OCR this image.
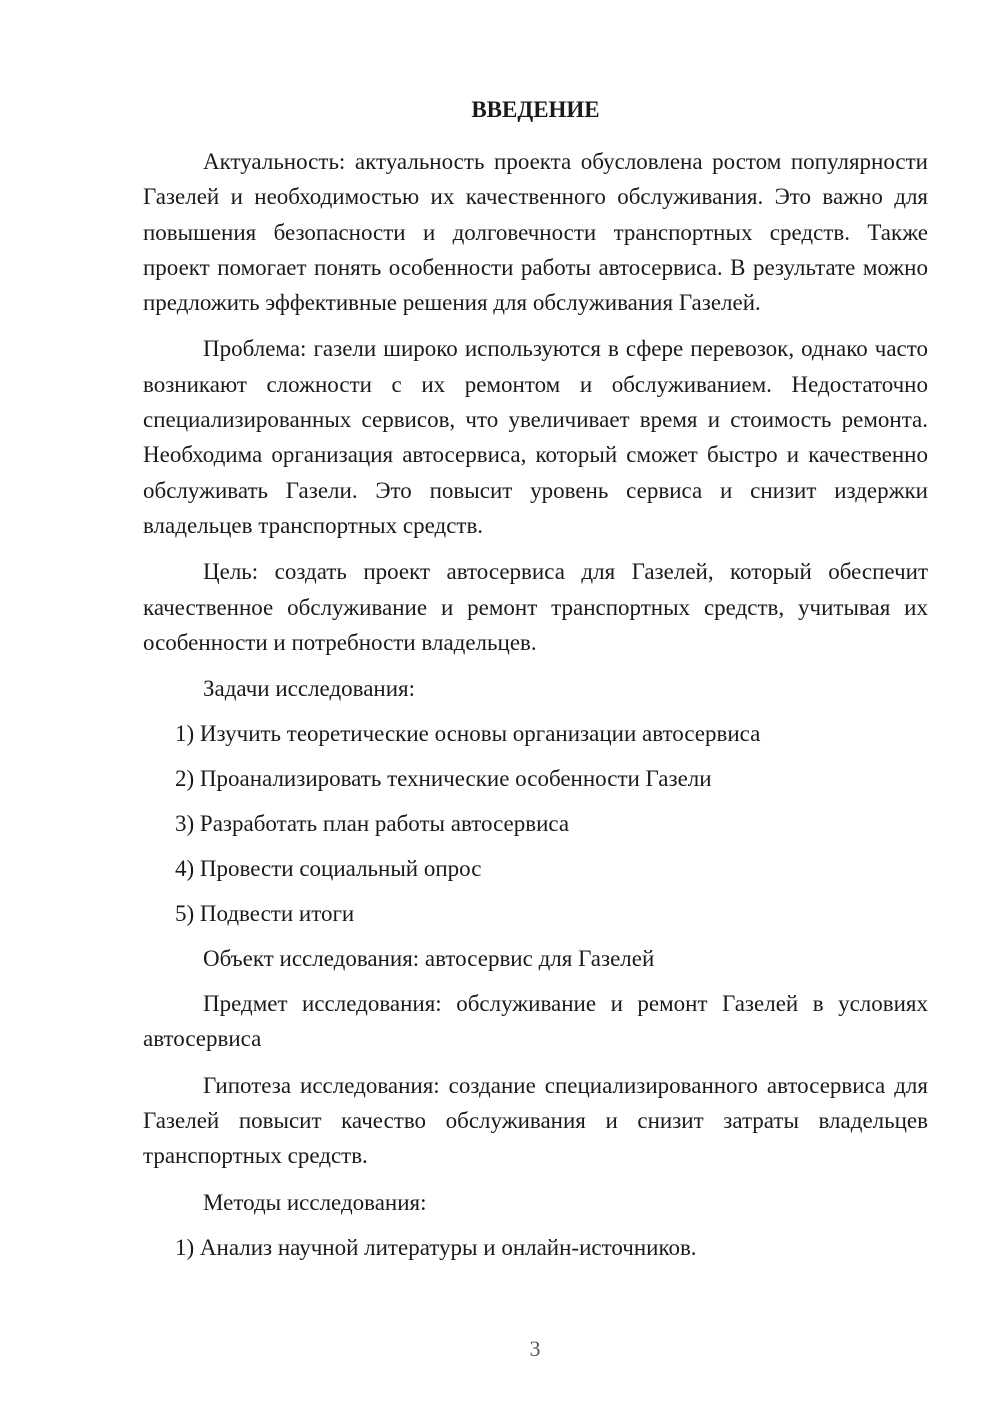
ВВЕДЕНИЕ

Актуальность: актуальность проекта обусловлена ростом популярности Газелей и необходимостью их качественного обслуживания. Это важно для повышения безопасности и долговечности транспортных средств. Также проект помогает понять особенности работы автосервиса. В результате можно предложить эффективные решения для обслуживания Газелей.

Проблема: газели широко используются в сфере перевозок, однако часто возникают сложности с их ремонтом и обслуживанием. Недостаточно специализированных сервисов, что увеличивает время и стоимость ремонта. Необходима организация автосервиса, который сможет быстро и качественно обслуживать Газели. Это повысит уровень сервиса и снизит издержки владельцев транспортных средств.

Цель: создать проект автосервиса для Газелей, который обеспечит качественное обслуживание и ремонт транспортных средств, учитывая их особенности и потребности владельцев.

Задачи исследования:
1) Изучить теоретические основы организации автосервиса
2) Проанализировать технические особенности Газели
3) Разработать план работы автосервиса
4) Провести социальный опрос
5) Подвести итоги
Объект исследования: автосервис для Газелей

Предмет исследования: обслуживание и ремонт Газелей в условиях автосервиса

Гипотеза исследования: создание специализированного автосервиса для Газелей повысит качество обслуживания и снизит затраты владельцев транспортных средств.

Методы исследования:
1) Анализ научной литературы и онлайн-источников.
3
